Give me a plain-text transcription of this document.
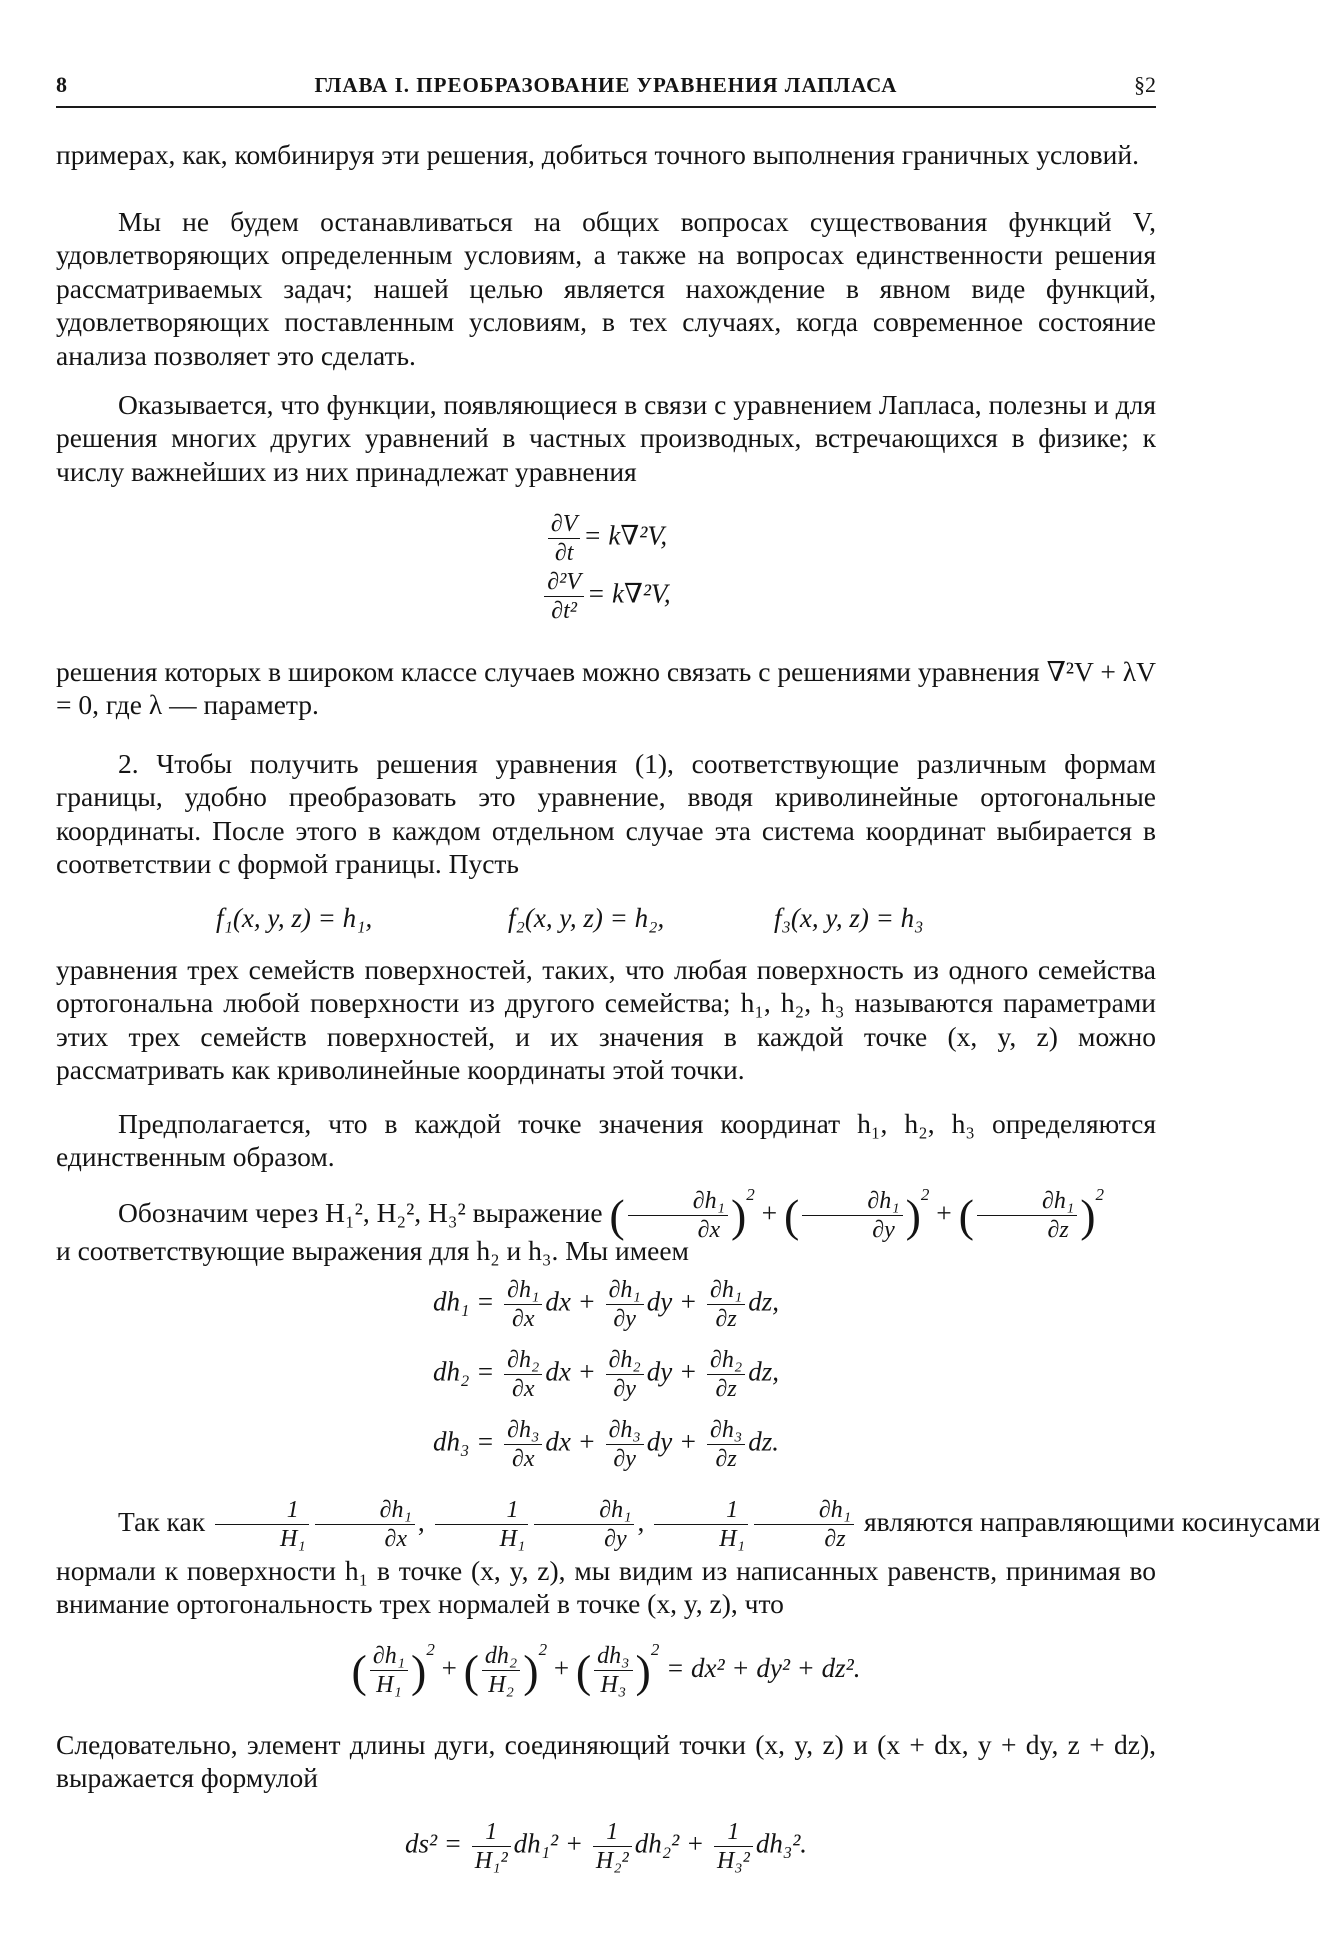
8	ГЛАВА I. ПРЕОБРАЗОВАНИЕ УРАВНЕНИЯ ЛАПЛАСА	§2
примерах, как, комбинируя эти решения, добиться точного выполнения граничных условий.
Мы не будем останавливаться на общих вопросах существования функций V, удовлетворяющих определенным условиям, а также на вопросах единственности решения рассматриваемых задач; нашей целью является нахождение в явном виде функций, удовлетворяющих поставленным условиям, в тех случаях, когда современное состояние анализа позволяет это сделать.
Оказывается, что функции, появляющиеся в связи с уравнением Лапласа, полезны и для решения многих других уравнений в частных производных, встречающихся в физике; к числу важнейших из них принадлежат уравнения
$\frac{\partial V}{\partial t} = k\nabla^2V$,
$\frac{\text{∂²V}}{\text{∂t²}} = k\nabla^2V$,
решения которых в широком классе случаев можно связать с решениями уравнения ∇²V + λV = 0, где λ — параметр.
2. Чтобы получить решения уравнения (1), соответствующие различным формам границы, удобно преобразовать это уравнение, вводя криволинейные ортогональные координаты. После этого в каждом отдельном случае эта система координат выбирается в соответствии с формой границы. Пусть
f₁(x, y, z) = h₁,	f₂(x, y, z) = h₂,	f₃(x, y, z) = h₃
уравнения трех семейств поверхностей, таких, что любая поверхность из одного семейства ортогональна любой поверхности из другого семейства; h₁, h₂, h₃ называются параметрами этих трех семейств поверхностей, и их значения в каждой точке (x, y, z) можно рассматривать как криволинейные координаты этой точки.
Предполагается, что в каждой точке значения координат h₁, h₂, h₃ определяются единственным образом.
Обозначим через H₁², H₂², H₃² выражение ( $\frac{\text{∂h₁}}{\partial x} )^2$ + ( $\frac{\text{∂h₁}}{\partial y} )^2$ + ( $\frac{\text{∂h₁}}{\partial z} )^2$
и соответствующие выражения для h₂ и h₃. Мы имеем
$dh_1 = \frac{\text{∂h₁}}{\partial x}$ dx + $\frac{\text{∂h₁}}{\partial y}$ dy + $\frac{\text{∂h₁}}{\partial z}$ dz,
$dh_2 = \frac{\text{∂h₂}}{\partial x}$ dx + $\frac{\text{∂h₂}}{\partial y}$ dy + $\frac{\text{∂h₂}}{\partial z}$ dz,
$dh_3 = \frac{\text{∂h₃}}{\partial x}$ dx + $\frac{\text{∂h₃}}{\partial y}$ dy + $\frac{\text{∂h₃}}{\partial z}$ dz.
Так как $\frac{1}{\text{H₁}} \frac{\text{∂h₁}}{\partial x}$ , $\frac{1}{\text{H₁}} \frac{\text{∂h₁}}{\partial y}$ , $\frac{1}{\text{H₁}} \frac{\text{∂h₁}}{\partial z}$ являются направляющими косинусами
нормали к поверхности h₁ в точке (x, y, z), мы видим из написанных равенств, принимая во внимание ортогональность трех нормалей в точке (x, y, z), что
( $\frac{\text{∂h₁}}{\text{H₁}} )^2$ + ( $\frac{\text{dh₂}}{\text{H₂}} )^2$ + ( $\frac{\text{dh₃}}{\text{H₃}} )^2 = dx^2 + dy^2 + dz^2$.
Следовательно, элемент длины дуги, соединяющий точки (x, y, z) и (x + dx, y + dy, z + dz), выражается формулой
$ds^2 = \frac{1}{\text{H₁²}} dh_1^2 + \frac{1}{\text{H₂²}} dh_2^2 + \frac{1}{\text{H₃²}} dh_3^2$.
